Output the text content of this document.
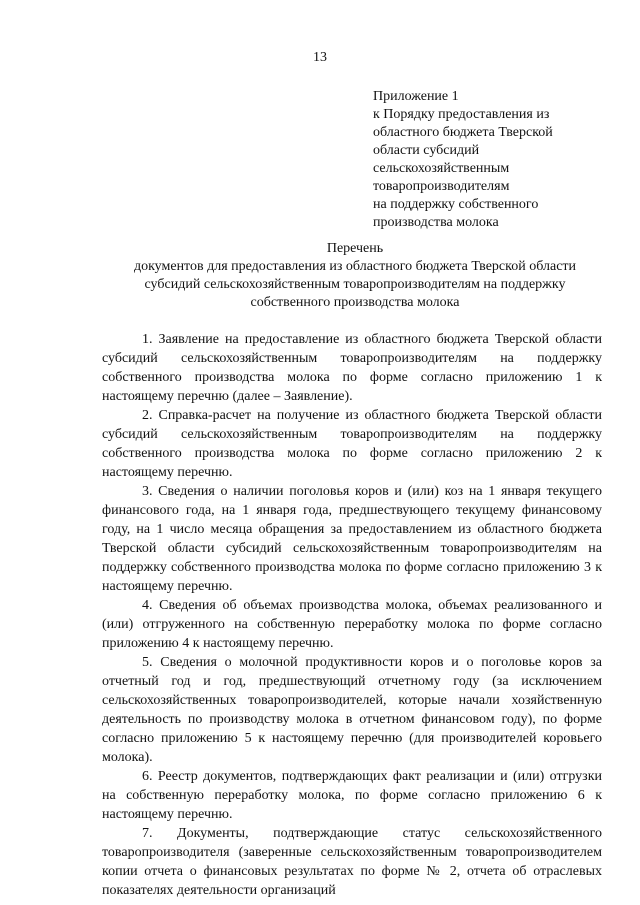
13
Приложение 1
к Порядку предоставления из
областного бюджета Тверской
области субсидий
сельскохозяйственным
товаропроизводителям
на поддержку собственного
производства молока
Перечень
документов для предоставления из областного бюджета Тверской области
субсидий сельскохозяйственным товаропроизводителям на поддержку
собственного производства молока

1. Заявление на предоставление из областного бюджета Тверской области субсидий сельскохозяйственным товаропроизводителям на поддержку собственного производства молока по форме согласно приложению 1 к настоящему перечню (далее – Заявление).

2. Справка-расчет на получение из областного бюджета Тверской области субсидий сельскохозяйственным товаропроизводителям на поддержку собственного производства молока по форме согласно приложению 2 к настоящему перечню.

3. Сведения о наличии поголовья коров и (или) коз на 1 января текущего финансового года, на 1 января года, предшествующего текущему финансовому году, на 1 число месяца обращения за предоставлением из областного бюджета Тверской области субсидий сельскохозяйственным товаропроизводителям на поддержку собственного производства молока по форме согласно приложению 3 к настоящему перечню.

4. Сведения об объемах производства молока, объемах реализованного и (или) отгруженного на собственную переработку молока по форме согласно приложению 4 к настоящему перечню.

5. Сведения о молочной продуктивности коров и о поголовье коров за отчетный год и год, предшествующий отчетному году (за исключением сельскохозяйственных товаропроизводителей, которые начали хозяйственную деятельность по производству молока в отчетном финансовом году), по форме согласно приложению 5 к настоящему перечню (для производителей коровьего молока).

6. Реестр документов, подтверждающих факт реализации и (или) отгрузки на собственную переработку молока, по форме согласно приложению 6 к настоящему перечню.

7. Документы, подтверждающие статус сельскохозяйственного товаропроизводителя (заверенные сельскохозяйственным товаропроизводителем копии отчета о финансовых результатах по форме № 2, отчета об отраслевых показателях деятельности организаций
